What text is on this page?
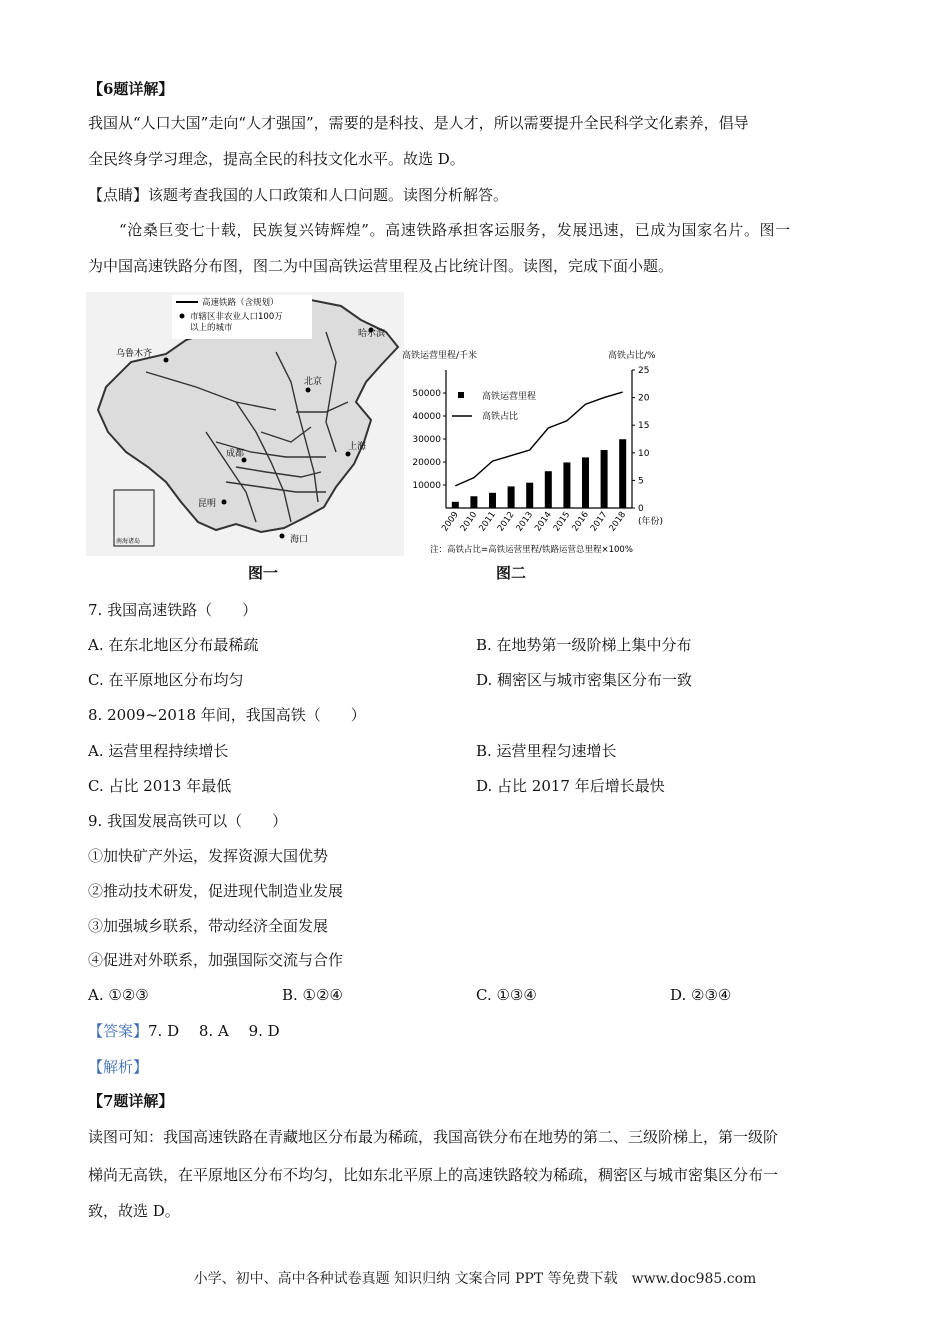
【6题详解】
我国从“人口大国”走向“人才强国”，需要的是科技、是人才，所以需要提升全民科学文化素养，倡导
全民终身学习理念，提高全民的科技文化水平。故选 D。
【点睛】该题考查我国的人口政策和人口问题。读图分析解答。
“沧桑巨变七十载，民族复兴铸辉煌”。高速铁路承担客运服务，发展迅速，已成为国家名片。图一
为中国高速铁路分布图，图二为中国高铁运营里程及占比统计图。读图，完成下面小题。
高速铁路（含规划）
市辖区非农业人口100万
以上的城市
乌鲁木齐
哈尔滨
北京
上海
成都
昆明
海口
南海诸岛
图一
高铁运营里程/千米	高铁占比/%
10000
20000
30000
40000
50000
0
5
10
15
20
25
2009
2010
2011
2012
2013
2014
2015
2016
2017
2018 (年份)
高铁运营里程
高铁占比
注：高铁占比=高铁运营里程/铁路运营总里程×100%
图二
7. 我国高速铁路（　　）
A. 在东北地区分布最稀疏	B. 在地势第一级阶梯上集中分布
C. 在平原地区分布均匀	D. 稠密区与城市密集区分布一致
8. 2009~2018 年间，我国高铁（　　）
A. 运营里程持续增长	B. 运营里程匀速增长
C. 占比 2013 年最低	D. 占比 2017 年后增长最快
9. 我国发展高铁可以（　　）
①加快矿产外运，发挥资源大国优势
②推动技术研发，促进现代制造业发展
③加强城乡联系，带动经济全面发展
④促进对外联系，加强国际交流与合作
A. ①②③	B. ①②④	C. ①③④	D. ②③④
【答案】7. D　 8. A　 9. D
【解析】
【7题详解】
读图可知：我国高速铁路在青藏地区分布最为稀疏，我国高铁分布在地势的第二、三级阶梯上，第一级阶
梯尚无高铁，在平原地区分布不均匀，比如东北平原上的高速铁路较为稀疏，稠密区与城市密集区分布一
致，故选 D。
小学、初中、高中各种试卷真题 知识归纳 文案合同 PPT 等免费下载　www.doc985.com
